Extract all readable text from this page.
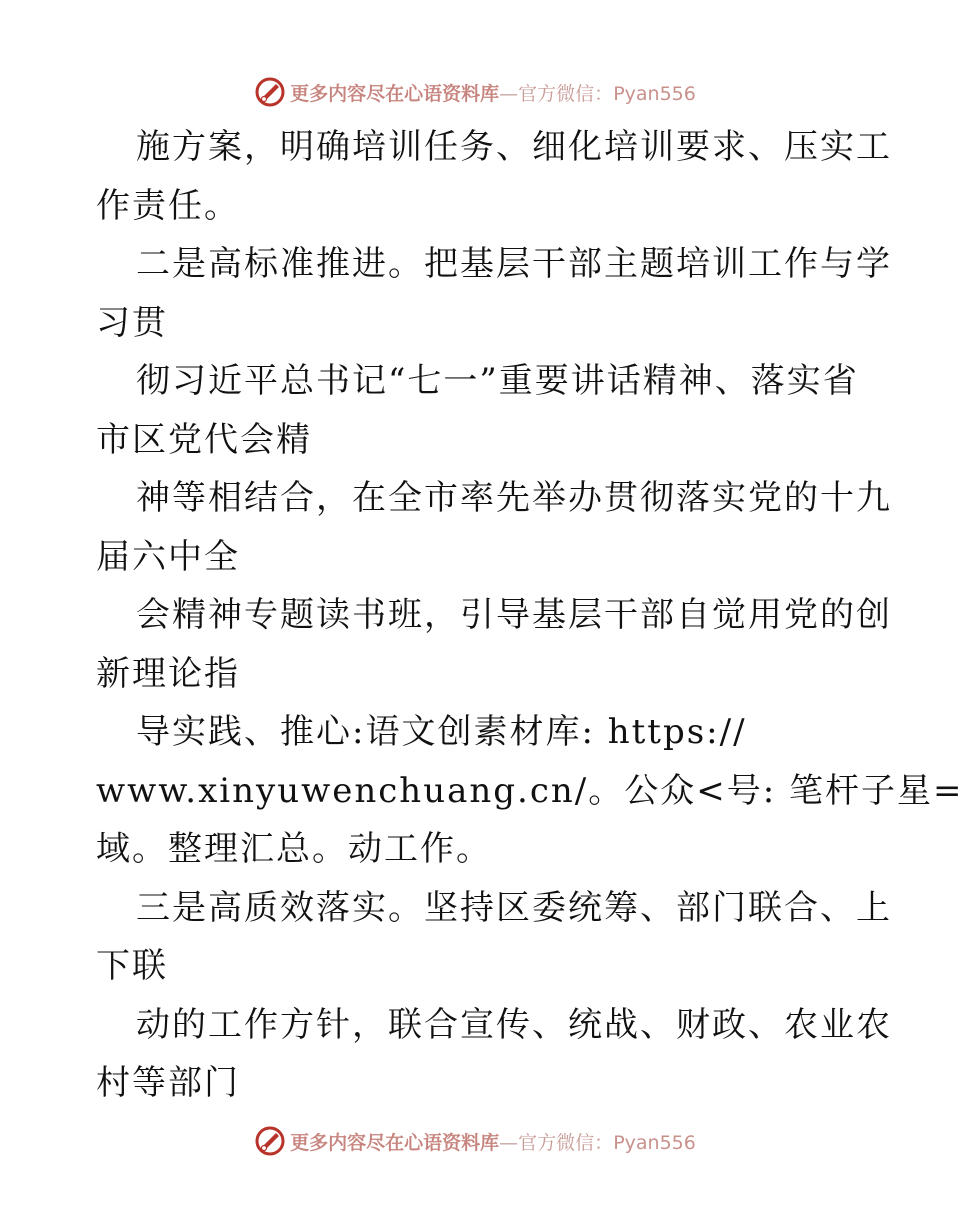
更多内容尽在心语资料库—官方微信：Pyan556
施方案，明确培训任务、细化培训要求、压实工
作责任。
二是高标准推进。把基层干部主题培训工作与学
习贯
彻习近平总书记“七一”重要讲话精神、落实省
市区党代会精
神等相结合，在全市率先举办贯彻落实党的十九
届六中全
会精神专题读书班，引导基层干部自觉用党的创
新理论指
导实践、推心:语文创素材库: https://
www.xinyuwenchuang.cn/。公众<号: 笔杆子星=
域。整理汇总。动工作。
三是高质效落实。坚持区委统筹、部门联合、上
下联
动的工作方针，联合宣传、统战、财政、农业农
村等部门
更多内容尽在心语资料库—官方微信：Pyan556
